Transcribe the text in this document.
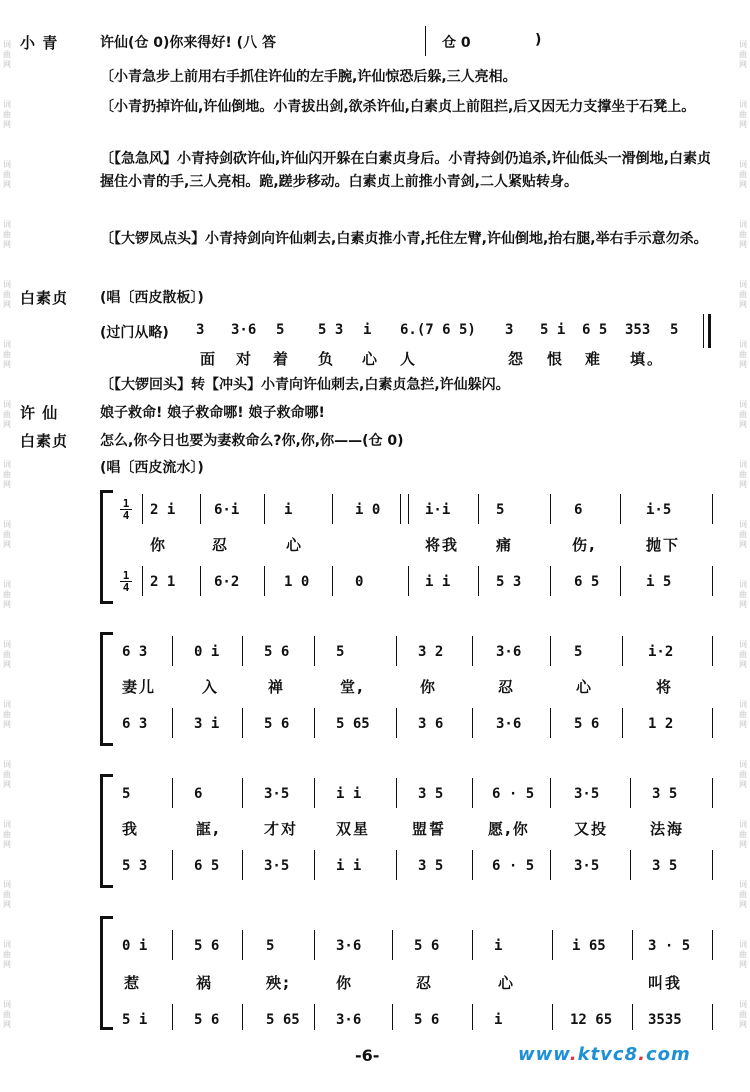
词曲网
词曲网
词曲网
词曲网
词曲网
词曲网
词曲网
词曲网
词曲网
词曲网
词曲网
词曲网
词曲网
词曲网
词曲网
词曲网
词曲网
词曲网
词曲网
词曲网
词曲网
词曲网
词曲网
词曲网
词曲网
词曲网
词曲网
词曲网
词曲网
词曲网
词曲网
词曲网
词曲网
词曲网
小 青	许仙(仓 0)你来得好! (八 答	仓 0	)
〔小青急步上前用右手抓住许仙的左手腕,许仙惊恐后躲,三人亮相。
〔小青扔掉许仙,许仙倒地。小青拔出剑,欲杀许仙,白素贞上前阻拦,后又因无力支撑坐于石凳上。
〔【急急风】小青持剑砍许仙,许仙闪开躲在白素贞身后。小青持剑仍追杀,许仙低头一滑倒地,白素贞握住小青的手,三人亮相。跪,蹉步移动。白素贞上前推小青剑,二人紧贴转身。
〔【大锣凤点头】小青持剑向许仙刺去,白素贞推小青,托住左臂,许仙倒地,抬右腿,举右手示意勿杀。
白素贞 (唱〔西皮散板〕)
(过门从略) 3 3·6 5 5 3 i 6.(7 6 5) 3 5 i 6 5 353 5
面 对 着 负 心 人	怨 恨 难 填。
〔【大锣回头】转【冲头】小青向许仙刺去,白素贞急拦,许仙躲闪。
许 仙	娘子救命! 娘子救命哪! 娘子救命哪!
白素贞 怎么,你今日也要为妻救命么?你,你,你——(仓 0)
(唱〔西皮流水〕)
1
4
1
4
2 i	6·i	i	i 0	i·i	5	6	i·5
你	忍	心	将我 痛	伤,	抛下
2 1	6·2	1 0	0	i i	5 3	6 5	i 5
6 3	0 i	5 6	5	3 2	3·6	5	i·2
妻儿	入	禅	堂,	你	忍	心	将
6 3	3 i	5 6	5 65	3 6	3·6	5 6	1 2
5	6	3·5	i i	3 5	6 · 5	3·5	3 5
我	誆,	才对	双星	盟誓	愿,你	又投	法海
5 3	6 5	3·5	i i	3 5	6 · 5	3·5	3 5
0 i	5 6	5	3·6	5 6	i	i 65	3 · 5
惹	祸	殃;	你	忍	心	叫我
5 i	5 6	5 65	3·6	5 6	i	12 65	3535
-6-	www.ktvc8.com
